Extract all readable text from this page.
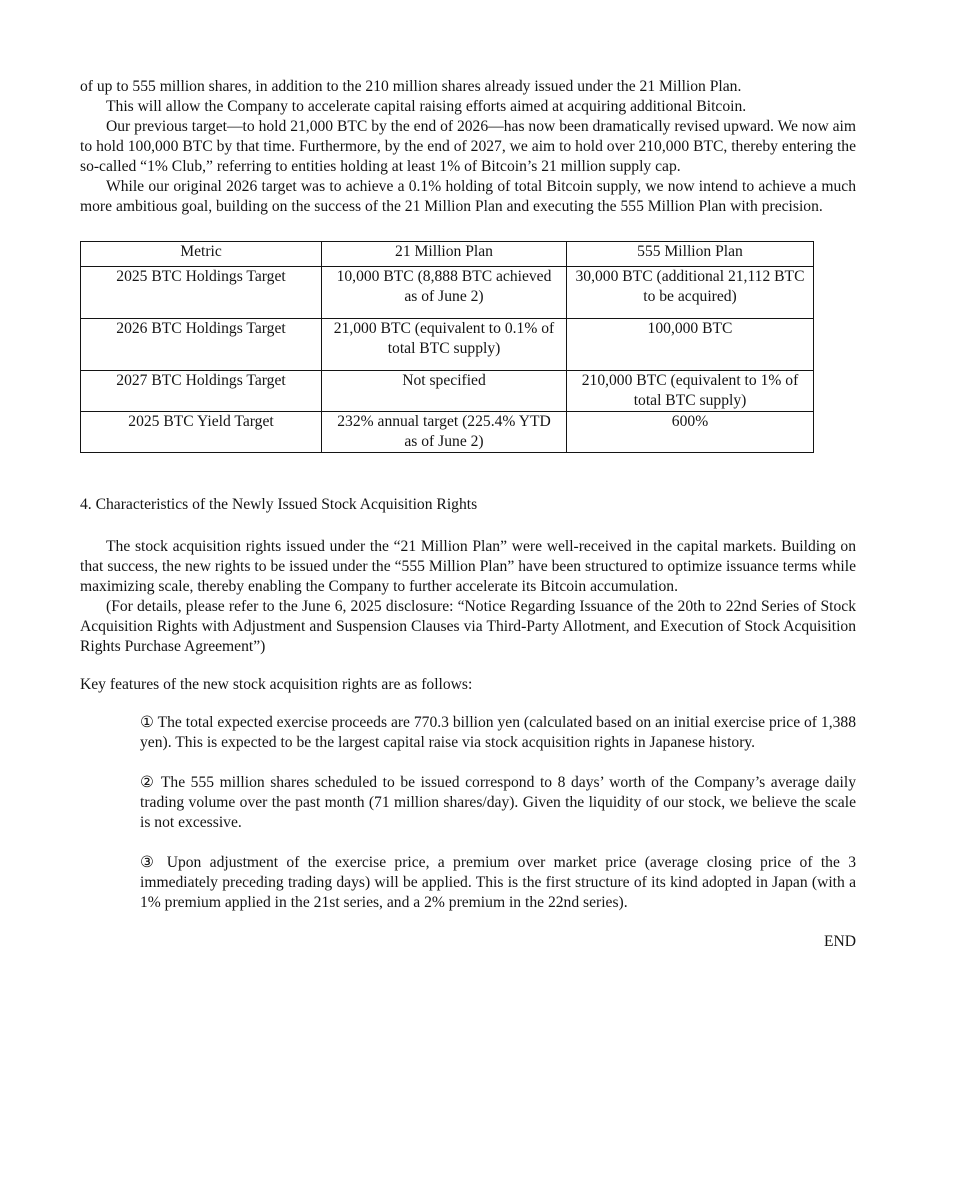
of up to 555 million shares, in addition to the 210 million shares already issued under the 21 Million Plan.

This will allow the Company to accelerate capital raising efforts aimed at acquiring additional Bitcoin.

Our previous target—to hold 21,000 BTC by the end of 2026—has now been dramatically revised upward. We now aim to hold 100,000 BTC by that time. Furthermore, by the end of 2027, we aim to hold over 210,000 BTC, thereby entering the so-called “1% Club,” referring to entities holding at least 1% of Bitcoin’s 21 million supply cap.

While our original 2026 target was to achieve a 0.1% holding of total Bitcoin supply, we now intend to achieve a much more ambitious goal, building on the success of the 21 Million Plan and executing the 555 Million Plan with precision.

Metric	21 Million Plan	555 Million Plan
2025 BTC Holdings Target	10,000 BTC (8,888 BTC achieved as of June 2)	30,000 BTC (additional 21,112 BTC to be acquired)
2026 BTC Holdings Target	21,000 BTC (equivalent to 0.1% of total BTC supply)	100,000 BTC
2027 BTC Holdings Target	Not specified	210,000 BTC (equivalent to 1% of total BTC supply)
2025 BTC Yield Target	232% annual target (225.4% YTD as of June 2)	600%

4. Characteristics of the Newly Issued Stock Acquisition Rights

The stock acquisition rights issued under the “21 Million Plan” were well-received in the capital markets. Building on that success, the new rights to be issued under the “555 Million Plan” have been structured to optimize issuance terms while maximizing scale, thereby enabling the Company to further accelerate its Bitcoin accumulation.

(For details, please refer to the June 6, 2025 disclosure: “Notice Regarding Issuance of the 20th to 22nd Series of Stock Acquisition Rights with Adjustment and Suspension Clauses via Third-Party Allotment, and Execution of Stock Acquisition Rights Purchase Agreement”)

Key features of the new stock acquisition rights are as follows:

① The total expected exercise proceeds are 770.3 billion yen (calculated based on an initial exercise price of 1,388 yen). This is expected to be the largest capital raise via stock acquisition rights in Japanese history.

② The 555 million shares scheduled to be issued correspond to 8 days’ worth of the Company’s average daily trading volume over the past month (71 million shares/day). Given the liquidity of our stock, we believe the scale is not excessive.

③ Upon adjustment of the exercise price, a premium over market price (average closing price of the 3 immediately preceding trading days) will be applied. This is the first structure of its kind adopted in Japan (with a 1% premium applied in the 21st series, and a 2% premium in the 22nd series).

END
